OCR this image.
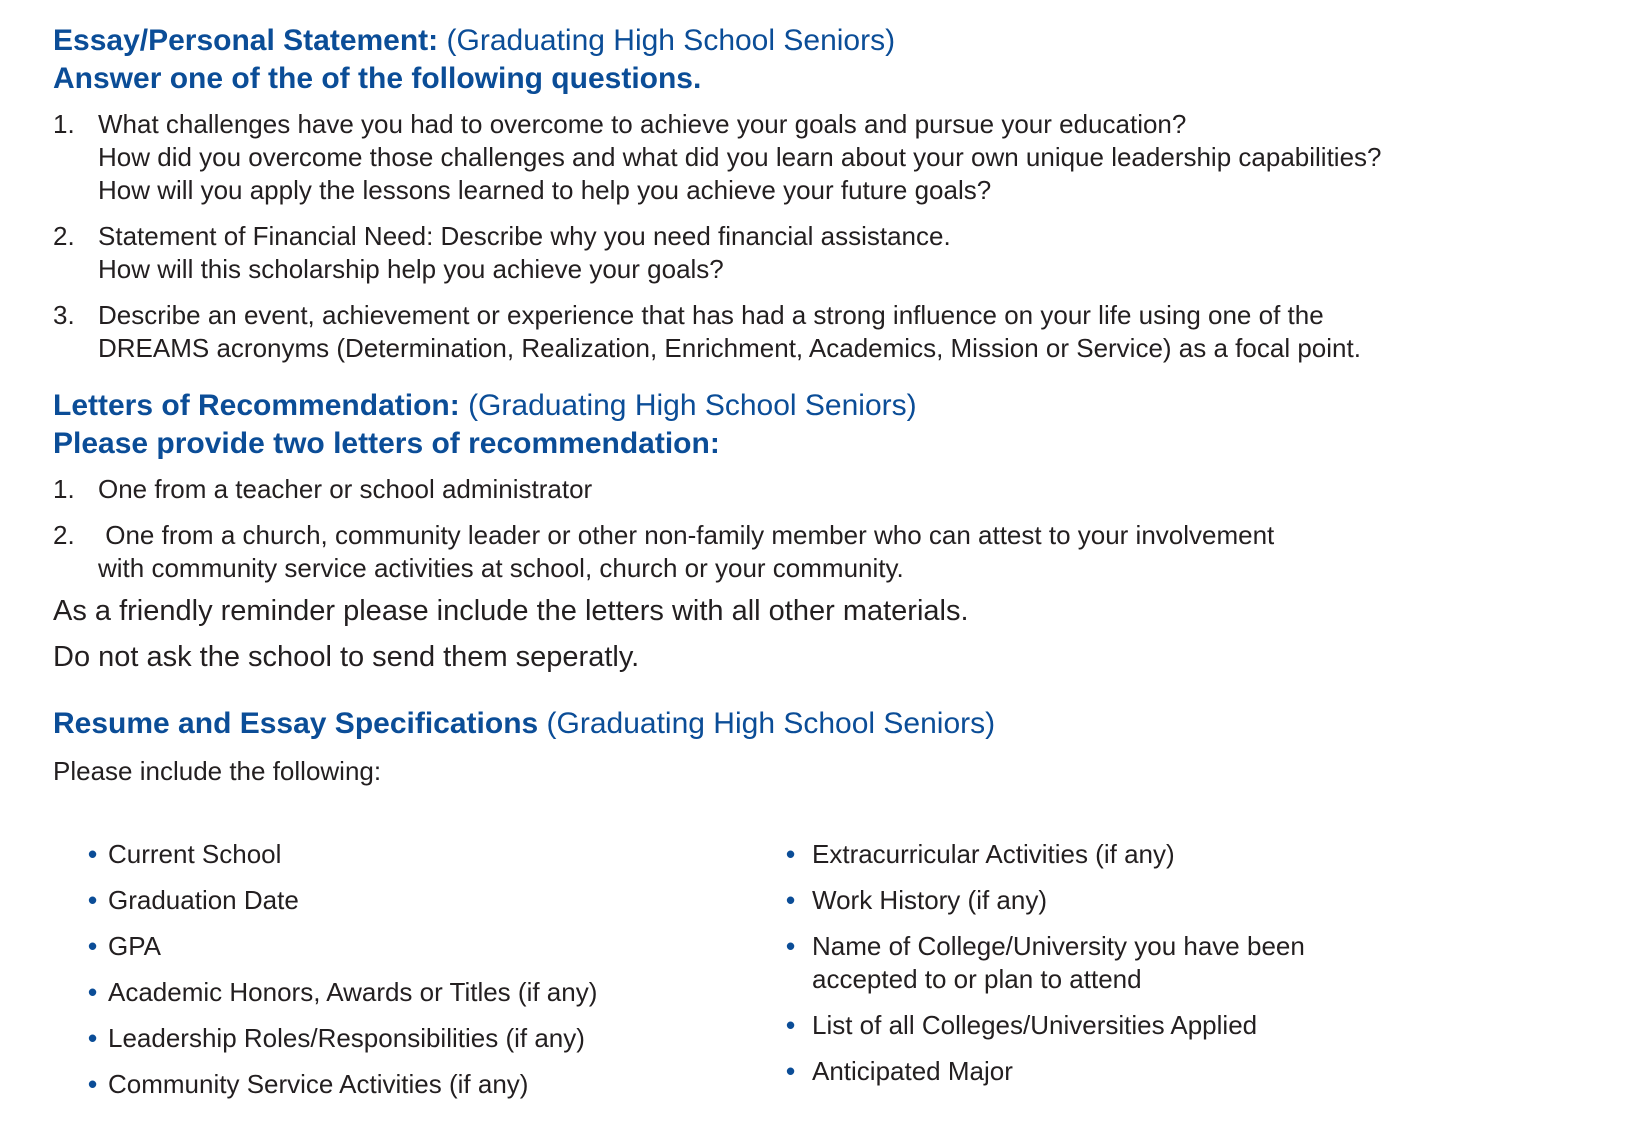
Essay/Personal Statement: (Graduating High School Seniors)
Answer one of the of the following questions.
1. What challenges have you had to overcome to achieve your goals and pursue your education?
How did you overcome those challenges and what did you learn about your own unique leadership capabilities?
How will you apply the lessons learned to help you achieve your future goals?
2. Statement of Financial Need: Describe why you need financial assistance.
How will this scholarship help you achieve your goals?
3. Describe an event, achievement or experience that has had a strong influence on your life using one of the
DREAMS acronyms (Determination, Realization, Enrichment, Academics, Mission or Service) as a focal point.
Letters of Recommendation: (Graduating High School Seniors)
Please provide two letters of recommendation:
1. One from a teacher or school administrator
2. One from a church, community leader or other non-family member who can attest to your involvement
with community service activities at school, church or your community.
As a friendly reminder please include the letters with all other materials.
Do not ask the school to send them seperatly.
Resume and Essay Specifications (Graduating High School Seniors)
Please include the following:
• Current School
• Graduation Date
• GPA
• Academic Honors, Awards or Titles (if any)
• Leadership Roles/Responsibilities (if any)
• Community Service Activities (if any)
• Extracurricular Activities (if any)
• Work History (if any)
• Name of College/University you have been
accepted to or plan to attend
• List of all Colleges/Universities Applied
• Anticipated Major
